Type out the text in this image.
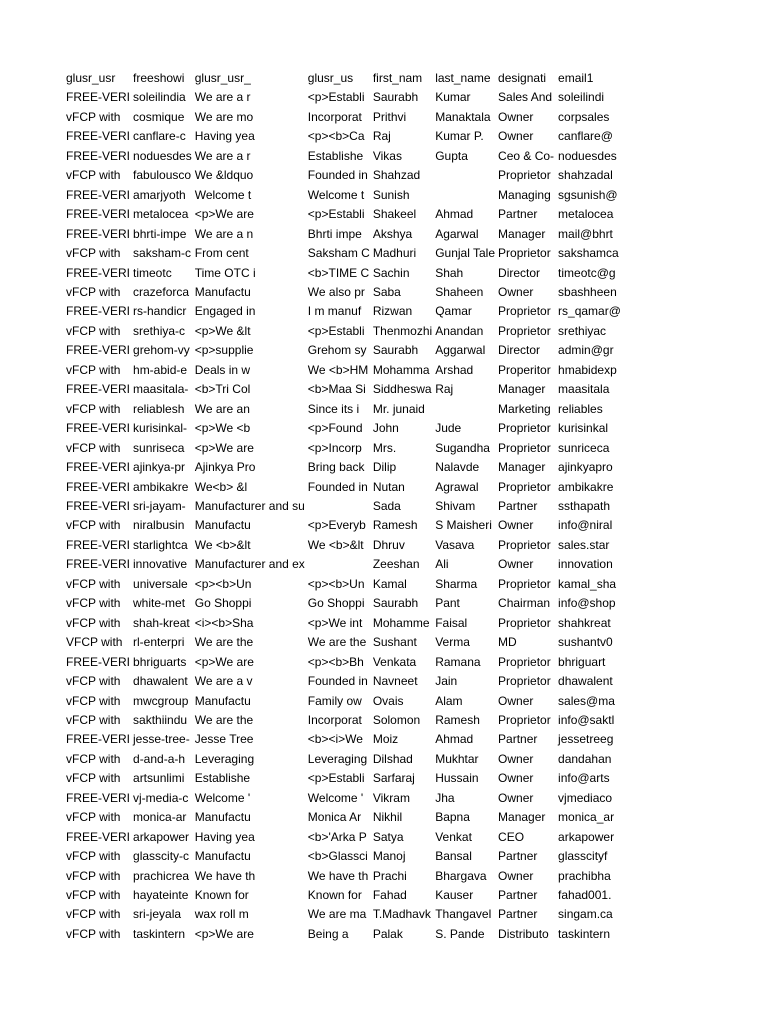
glusr_usr	freeshowi	glusr_usr_	glusr_us	first_nam	last_name	designati	email1
FREE-VERI	soleilindia	We are a r	<p>Establi	Saurabh	Kumar	Sales And	soleilindi
vFCP with	cosmique	We are mo	Incorporat	Prithvi	Manaktala	Owner	corpsales
FREE-VERI	canflare-c	Having yea	<p><b>Ca	Raj	Kumar P.	Owner	canflare@
FREE-VERI	noduesdes	We are a r	Establishe	Vikas	Gupta	Ceo & Co-	noduesdes
vFCP with	fabulousco	We &ldquo	Founded in	Shahzad		Proprietor	shahzadal
FREE-VERI	amarjyoth	Welcome t	Welcome t	Sunish		Managing	sgsunish@
FREE-VERI	metalocea	<p>We are	<p>Establi	Shakeel	Ahmad	Partner	metalocea
FREE-VERI	bhrti-impe	We are a n	Bhrti impe	Akshya	Agarwal	Manager	mail@bhrt
vFCP with	saksham-c	From cent	Saksham C	Madhuri	Gunjal Tale	Proprietor	sakshamca
FREE-VERI	timeotc	Time OTC i	<b>TIME C	Sachin	Shah	Director	timeotc@g
vFCP with	crazeforca	Manufactu	We also pr	Saba	Shaheen	Owner	sbashheen
FREE-VERI	rs-handicr	Engaged in	I m manuf	Rizwan	Qamar	Proprietor	rs_qamar@
vFCP with	srethiya-c	<p>We &lt	<p>Establi	Thenmozhi	Anandan	Proprietor	srethiyac
FREE-VERI	grehom-vy	<p>supplie	Grehom sy	Saurabh	Aggarwal	Director	admin@gr
vFCP with	hm-abid-e	Deals in w	We <b>HM	Mohamma	Arshad	Properitor	hmabidexp
FREE-VERI	maasitala-	<b>Tri Col	<b>Maa Si	Siddheswa	Raj	Manager	maasitala
vFCP with	reliablesh	We are an	Since its i	Mr. junaid		Marketing	reliables
FREE-VERI	kurisinkal-	<p>We <b	<p>Found	John	Jude	Proprietor	kurisinkal
vFCP with	sunriseca	<p>We are	<p>Incorp	Mrs.	Sugandha	Proprietor	sunriceca
FREE-VERI	ajinkya-pr	Ajinkya Pro	Bring back	Dilip	Nalavde	Manager	ajinkyapro
FREE-VERI	ambikakre	We<b> &l	Founded in	Nutan	Agrawal	Proprietor	ambikakre
FREE-VERI	sri-jayam-	Manufacturer and su		Sada	Shivam	Partner	ssthapath
vFCP with	niralbusin	Manufactu	<p>Everyb	Ramesh	S Maisheri	Owner	info@niral
FREE-VERI	starlightca	We <b>&lt	We <b>&lt	Dhruv	Vasava	Proprietor	sales.star
FREE-VERI	innovative	Manufacturer and ex		Zeeshan	Ali	Owner	innovation
vFCP with	universale	<p><b>Un	<p><b>Un	Kamal	Sharma	Proprietor	kamal_sha
vFCP with	white-met	Go Shoppi	Go Shoppi	Saurabh	Pant	Chairman	info@shop
vFCP with	shah-kreat	<i><b>Sha	<p>We int	Mohamme	Faisal	Proprietor	shahkreat
VFCP with	rl-enterpri	We are the	We are the	Sushant	Verma	MD	sushantv0
FREE-VERI	bhriguarts	<p>We are	<p><b>Bh	Venkata	Ramana	Proprietor	bhriguart
vFCP with	dhawalent	We are a v	Founded in	Navneet	Jain	Proprietor	dhawalent
vFCP with	mwcgroup	Manufactu	Family ow	Ovais	Alam	Owner	sales@ma
vFCP with	sakthiindu	We are the	Incorporat	Solomon	Ramesh	Proprietor	info@saktl
FREE-VERI	jesse-tree-	Jesse Tree	<b><i>We	Moiz	Ahmad	Partner	jessetreeg
vFCP with	d-and-a-h	Leveraging	Leveraging	Dilshad	Mukhtar	Owner	dandahan
vFCP with	artsunlimi	Establishe	<p>Establi	Sarfaraj	Hussain	Owner	info@arts
FREE-VERI	vj-media-c	Welcome '	Welcome '	Vikram	Jha	Owner	vjmediaco
vFCP with	monica-ar	Manufactu	Monica Ar	Nikhil	Bapna	Manager	monica_ar
FREE-VERI	arkapower	Having yea	<b>'Arka P	Satya	Venkat	CEO	arkapower
vFCP with	glasscity-c	Manufactu	<b>Glassci	Manoj	Bansal	Partner	glasscityf
vFCP with	prachicrea	We have th	We have th	Prachi	Bhargava	Owner	prachibha
vFCP with	hayateinte	Known for	Known for	Fahad	Kauser	Partner	fahad001.
vFCP with	sri-jeyala	wax roll m	We are ma	T.Madhavk	Thangavel	Partner	singam.ca
vFCP with	taskintern	<p>We are	Being a	Palak	S. Pande	Distributo	taskintern
